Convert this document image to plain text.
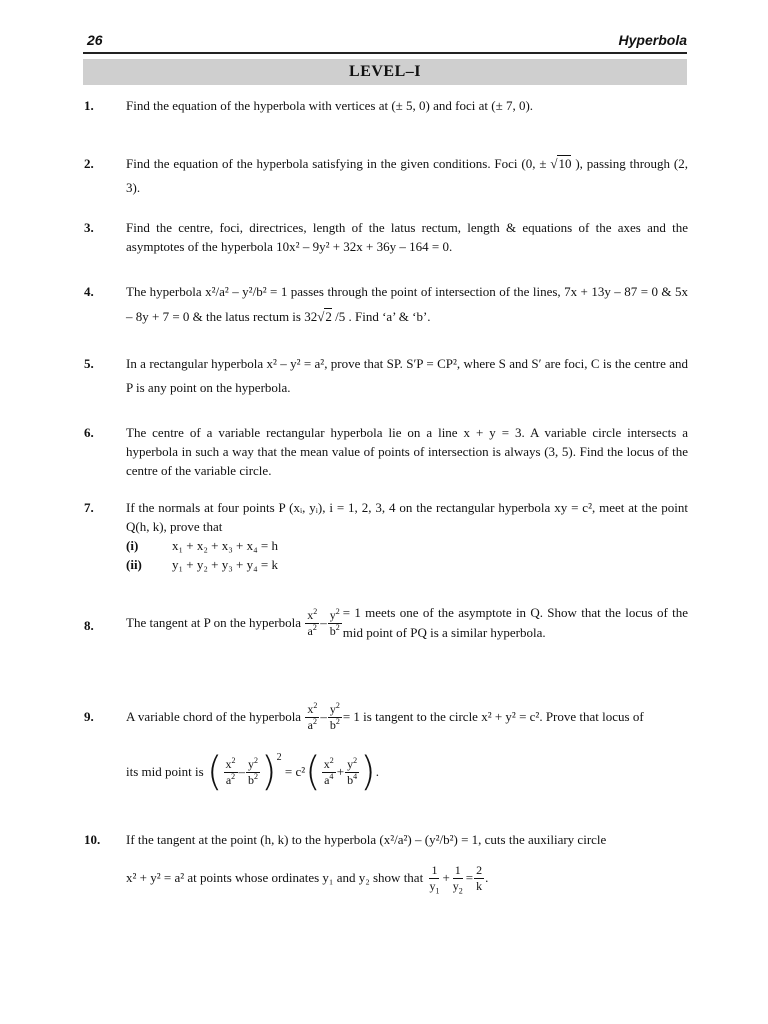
26	Hyperbola
LEVEL–I
1. Find the equation of the hyperbola with vertices at (± 5, 0) and foci at (± 7, 0).
2. Find the equation of the hyperbola satisfying in the given conditions. Foci (0, ± √10 ), passing through (2, 3).
3. Find the centre, foci, directrices, length of the latus rectum, length & equations of the axes and the asymptotes of the hyperbola 10x² – 9y² + 32x + 36y – 164 = 0.
4. The hyperbola x²/a² – y²/b² = 1 passes through the point of intersection of the lines, 7x + 13y – 87 = 0 & 5x – 8y + 7 = 0 & the latus rectum is 32√2 /5 . Find ‘a’ & ‘b’.
5. In a rectangular hyperbola x² – y² = a², prove that SP. S′P = CP², where S and S′ are foci, C is the centre and P is any point on the hyperbola.
6. The centre of a variable rectangular hyperbola lie on a line x + y = 3. A variable circle intersects a hyperbola in such a way that the mean value of points of intersection is always (3, 5). Find the locus of the centre of the variable circle.
7. If the normals at four points P (xᵢ, yᵢ), i = 1, 2, 3, 4 on the rectangular hyperbola xy = c², meet at the point Q(h, k), prove that
(i)	x₁ + x₂ + x₃ + x₄ = h
(ii)	y₁ + y₂ + y₃ + y₄ = k
8. The tangent at P on the hyperbola
$\frac{x^2}{a^2} - \frac{y^2}{b^2} = 1$ meets one of the asymptote in Q. Show that the locus of the mid point of PQ is a similar hyperbola.
9. A variable chord of the hyperbola
$\frac{x^2}{a^2} - \frac{y^2}{b^2} = 1$ is tangent to the circle x² + y² = c². Prove that locus of
its mid point is
( $\frac{x^2}{a^2} - \frac{y^2}{b^2} )^2$

= c² ( $\frac{x^2}{a^4} + \frac{y^2}{b^4}$ ) .
10. If the tangent at the point (h, k) to the hyperbola (x²/a²) – (y²/b²) = 1, cuts the auxiliary circle
x² + y² = a² at points whose ordinates y₁ and y₂ show that
$\frac{1}{y_1} + \frac{1}{y_2} = \frac{2}{k}$ .
